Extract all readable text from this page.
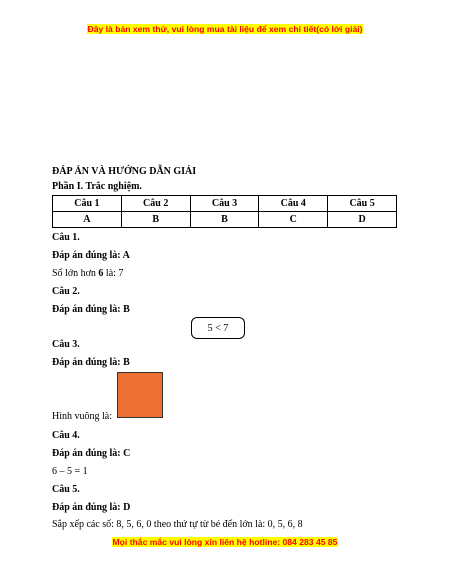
Đây là bản xem thử, vui lòng mua tài liệu để xem chi tiết(có lời giải)
ĐÁP ÁN VÀ HƯỚNG DẪN GIẢI
Phần I. Trắc nghiệm.
Câu 1	Câu 2	Câu 3	Câu 4	Câu 5
A	B	B	C	D
Câu 1.
Đáp án đúng là: A
Số lớn hơn 6 là: 7
Câu 2.
Đáp án đúng là: B
5 < 7
Câu 3.
Đáp án đúng là: B
Hình vuông là:
Câu 4.
Đáp án đúng là: C
6 – 5 = 1
Câu 5.
Đáp án đúng là: D
Sắp xếp các số: 8, 5, 6, 0 theo thứ tự từ bé đến lớn là: 0, 5, 6, 8
Mọi thắc mắc vui lòng xin liên hệ hotline: 084 283 45 85
